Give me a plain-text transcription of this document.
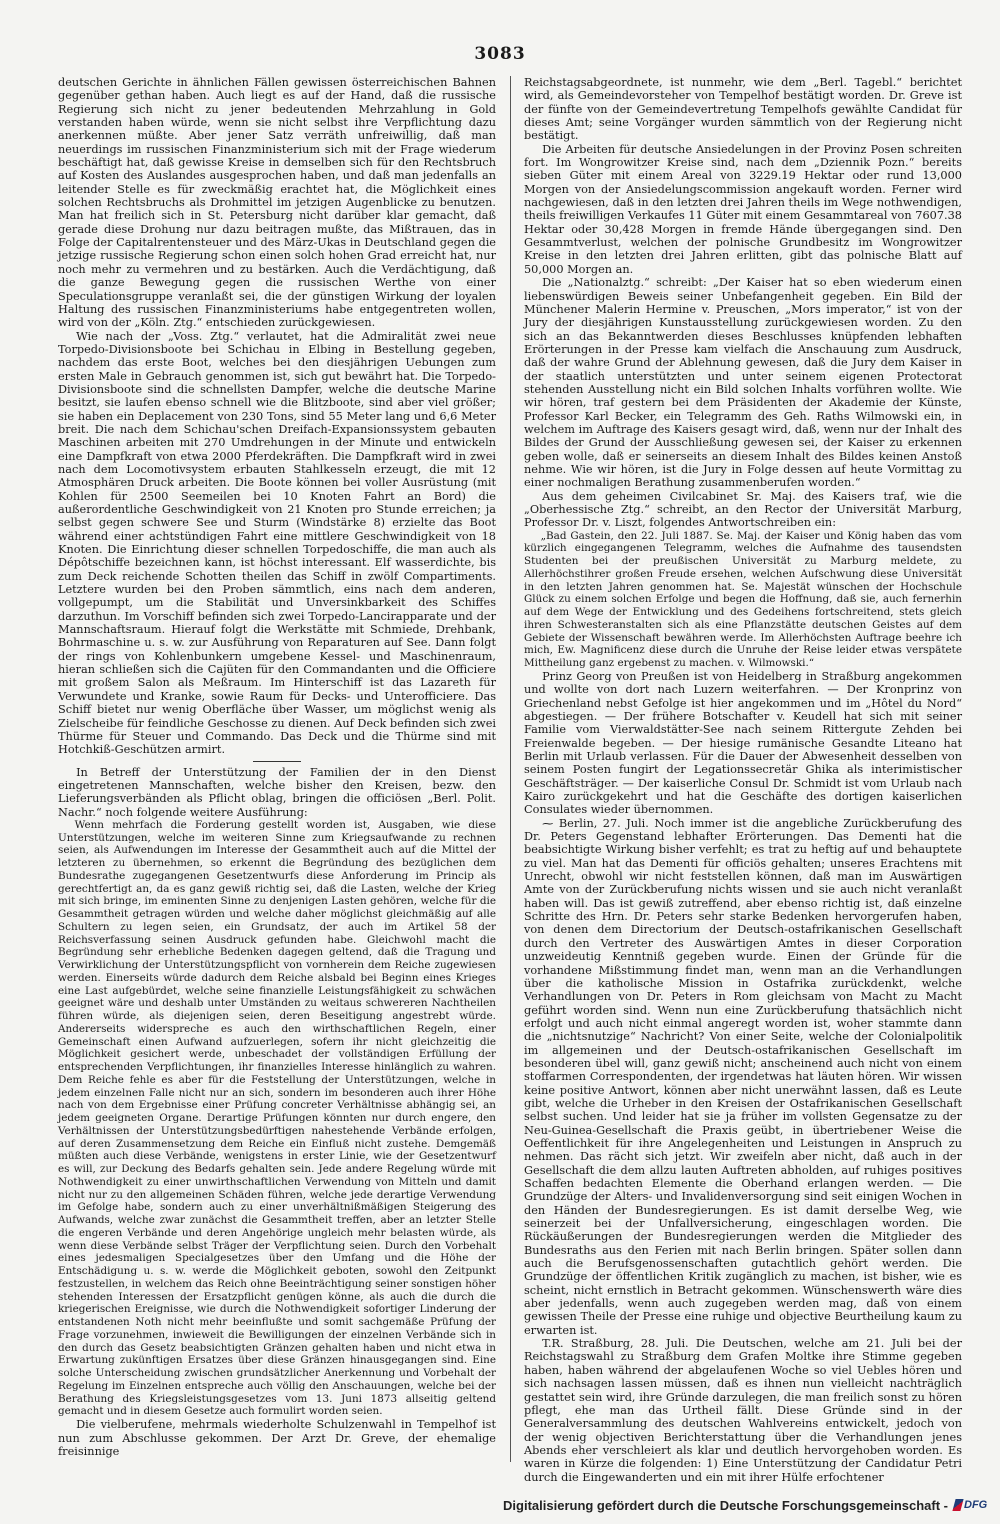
3083

deutschen Gerichte in ähnlichen Fällen gewissen österreichischen Bahnen gegenüber gethan haben. Auch liegt es auf der Hand, daß die russische Regierung sich nicht zu jener bedeutenden Mehrzahlung in Gold verstanden haben würde, wenn sie nicht selbst ihre Verpflichtung dazu anerkennen müßte. Aber jener Satz verräth unfreiwillig, daß man neuerdings im russischen Finanzministerium sich mit der Frage wiederum beschäftigt hat, daß gewisse Kreise in demselben sich für den Rechtsbruch auf Kosten des Auslandes ausgesprochen haben, und daß man jedenfalls an leitender Stelle es für zweckmäßig erachtet hat, die Möglichkeit eines solchen Rechtsbruchs als Drohmittel im jetzigen Augenblicke zu benutzen. Man hat freilich sich in St. Petersburg nicht darüber klar gemacht, daß gerade diese Drohung nur dazu beitragen mußte, das Mißtrauen, das in Folge der Capitalrentensteuer und des März-Ukas in Deutschland gegen die jetzige russische Regierung schon einen solch hohen Grad erreicht hat, nur noch mehr zu vermehren und zu bestärken. Auch die Verdächtigung, daß die ganze Bewegung gegen die russischen Werthe von einer Speculationsgruppe veranlaßt sei, die der günstigen Wirkung der loyalen Haltung des russischen Finanzministeriums habe entgegentreten wollen, wird von der „Köln. Ztg.“ entschieden zurückgewiesen.

Wie nach der „Voss. Ztg.“ verlautet, hat die Admiralität zwei neue Torpedo-Divisionsboote bei Schichau in Elbing in Bestellung gegeben, nachdem das erste Boot, welches bei den diesjährigen Uebungen zum ersten Male in Gebrauch genommen ist, sich gut bewährt hat. Die Torpedo-Divisionsboote sind die schnellsten Dampfer, welche die deutsche Marine besitzt, sie laufen ebenso schnell wie die Blitzboote, sind aber viel größer; sie haben ein Deplacement von 230 Tons, sind 55 Meter lang und 6,6 Meter breit. Die nach dem Schichau'schen Dreifach-Expansionssystem gebauten Maschinen arbeiten mit 270 Umdrehungen in der Minute und entwickeln eine Dampfkraft von etwa 2000 Pferdekräften. Die Dampfkraft wird in zwei nach dem Locomotivsystem erbauten Stahlkesseln erzeugt, die mit 12 Atmosphären Druck arbeiten. Die Boote können bei voller Ausrüstung (mit Kohlen für 2500 Seemeilen bei 10 Knoten Fahrt an Bord) die außerordentliche Geschwindigkeit von 21 Knoten pro Stunde erreichen; ja selbst gegen schwere See und Sturm (Windstärke 8) erzielte das Boot während einer achtstündigen Fahrt eine mittlere Geschwindigkeit von 18 Knoten. Die Einrichtung dieser schnellen Torpedoschiffe, die man auch als Dépôtschiffe bezeichnen kann, ist höchst interessant. Elf wasserdichte, bis zum Deck reichende Schotten theilen das Schiff in zwölf Compartiments. Letztere wurden bei den Proben sämmtlich, eins nach dem anderen, vollgepumpt, um die Stabilität und Unversinkbarkeit des Schiffes darzuthun. Im Vorschiff befinden sich zwei Torpedo-Lancirapparate und der Mannschaftsraum. Hierauf folgt die Werkstätte mit Schmiede, Drehbank, Bohrmaschine u. s. w. zur Ausführung von Reparaturen auf See. Dann folgt der rings von Kohlenbunkern umgebene Kessel- und Maschinenraum, hieran schließen sich die Cajüten für den Commandanten und die Officiere mit großem Salon als Meßraum. Im Hinterschiff ist das Lazareth für Verwundete und Kranke, sowie Raum für Decks- und Unterofficiere. Das Schiff bietet nur wenig Oberfläche über Wasser, um möglichst wenig als Zielscheibe für feindliche Geschosse zu dienen. Auf Deck befinden sich zwei Thürme für Steuer und Commando. Das Deck und die Thürme sind mit Hotchkiß-Geschützen armirt.

In Betreff der Unterstützung der Familien der in den Dienst eingetretenen Mannschaften, welche bisher den Kreisen, bezw. den Lieferungsverbänden als Pflicht oblag, bringen die officiösen „Berl. Polit. Nachr.“ noch folgende weitere Ausführung:

Wenn mehrfach die Forderung gestellt worden ist, Ausgaben, wie diese Unterstützungen, welche im weiteren Sinne zum Kriegsaufwande zu rechnen seien, als Aufwendungen im Interesse der Gesammtheit auch auf die Mittel der letzteren zu übernehmen, so erkennt die Begründung des bezüglichen dem Bundesrathe zugegangenen Gesetzentwurfs diese Anforderung im Princip als gerechtfertigt an, da es ganz gewiß richtig sei, daß die Lasten, welche der Krieg mit sich bringe, im eminenten Sinne zu denjenigen Lasten gehören, welche für die Gesammtheit getragen würden und welche daher möglichst gleichmäßig auf alle Schultern zu legen seien, ein Grundsatz, der auch im Artikel 58 der Reichsverfassung seinen Ausdruck gefunden habe. Gleichwohl macht die Begründung sehr erhebliche Bedenken dagegen geltend, daß die Tragung und Verwirklichung der Unterstützungspflicht von vornherein dem Reiche zugewiesen werden. Einerseits würde dadurch dem Reiche alsbald bei Beginn eines Krieges eine Last aufgebürdet, welche seine finanzielle Leistungsfähigkeit zu schwächen geeignet wäre und deshalb unter Umständen zu weitaus schwereren Nachtheilen führen würde, als diejenigen seien, deren Beseitigung angestrebt würde. Andererseits widerspreche es auch den wirthschaftlichen Regeln, einer Gemeinschaft einen Aufwand aufzuerlegen, sofern ihr nicht gleichzeitig die Möglichkeit gesichert werde, unbeschadet der vollständigen Erfüllung der entsprechenden Verpflichtungen, ihr finanzielles Interesse hinlänglich zu wahren. Dem Reiche fehle es aber für die Feststellung der Unterstützungen, welche in jedem einzelnen Falle nicht nur an sich, sondern im besonderen auch ihrer Höhe nach von dem Ergebnisse einer Prüfung concreter Verhältnisse abhängig sei, an jedem geeigneten Organe. Derartige Prüfungen könnten nur durch engere, den Verhältnissen der Unterstützungsbedürftigen nahestehende Verbände erfolgen, auf deren Zusammensetzung dem Reiche ein Einfluß nicht zustehe. Demgemäß müßten auch diese Verbände, wenigstens in erster Linie, wie der Gesetzentwurf es will, zur Deckung des Bedarfs gehalten sein. Jede andere Regelung würde mit Nothwendigkeit zu einer unwirthschaftlichen Verwendung von Mitteln und damit nicht nur zu den allgemeinen Schäden führen, welche jede derartige Verwendung im Gefolge habe, sondern auch zu einer unverhältnißmäßigen Steigerung des Aufwands, welche zwar zunächst die Gesammtheit treffen, aber an letzter Stelle die engeren Verbände und deren Angehörige ungleich mehr belasten würde, als wenn diese Verbände selbst Träger der Verpflichtung seien. Durch den Vorbehalt eines jedesmaligen Specialgesetzes über den Umfang und die Höhe der Entschädigung u. s. w. werde die Möglichkeit geboten, sowohl den Zeitpunkt festzustellen, in welchem das Reich ohne Beeinträchtigung seiner sonstigen höher stehenden Interessen der Ersatzpflicht genügen könne, als auch die durch die kriegerischen Ereignisse, wie durch die Nothwendigkeit sofortiger Linderung der entstandenen Noth nicht mehr beeinflußte und somit sachgemäße Prüfung der Frage vorzunehmen, inwieweit die Bewilligungen der einzelnen Verbände sich in den durch das Gesetz beabsichtigten Gränzen gehalten haben und nicht etwa in Erwartung zukünftigen Ersatzes über diese Gränzen hinausgegangen sind. Eine solche Unterscheidung zwischen grundsätzlicher Anerkennung und Vorbehalt der Regelung im Einzelnen entspreche auch völlig den Anschauungen, welche bei der Berathung des Kriegsleistungsgesetzes vom 13. Juni 1873 allseitig geltend gemacht und in diesem Gesetze auch formulirt worden seien.

Die vielberufene, mehrmals wiederholte Schulzenwahl in Tempelhof ist nun zum Abschlusse gekommen. Der Arzt Dr. Greve, der ehemalige freisinnige

Reichstagsabgeordnete, ist nunmehr, wie dem „Berl. Tagebl.“ berichtet wird, als Gemeindevorsteher von Tempelhof bestätigt worden. Dr. Greve ist der fünfte von der Gemeindevertretung Tempelhofs gewählte Candidat für dieses Amt; seine Vorgänger wurden sämmtlich von der Regierung nicht bestätigt.

Die Arbeiten für deutsche Ansiedelungen in der Provinz Posen schreiten fort. Im Wongrowitzer Kreise sind, nach dem „Dziennik Pozn.“ bereits sieben Güter mit einem Areal von 3229.19 Hektar oder rund 13,000 Morgen von der Ansiedelungscommission angekauft worden. Ferner wird nachgewiesen, daß in den letzten drei Jahren theils im Wege nothwendigen, theils freiwilligen Verkaufes 11 Güter mit einem Gesammtareal von 7607.38 Hektar oder 30,428 Morgen in fremde Hände übergegangen sind. Den Gesammtverlust, welchen der polnische Grundbesitz im Wongrowitzer Kreise in den letzten drei Jahren erlitten, gibt das polnische Blatt auf 50,000 Morgen an.

Die „Nationalztg.“ schreibt: „Der Kaiser hat so eben wiederum einen liebenswürdigen Beweis seiner Unbefangenheit gegeben. Ein Bild der Münchener Malerin Hermine v. Preuschen, „Mors imperator,“ ist von der Jury der diesjährigen Kunstausstellung zurückgewiesen worden. Zu den sich an das Bekanntwerden dieses Beschlusses knüpfenden lebhaften Erörterungen in der Presse kam vielfach die Anschauung zum Ausdruck, daß der wahre Grund der Ablehnung gewesen, daß die Jury dem Kaiser in der staatlich unterstützten und unter seinem eigenen Protectorat stehenden Ausstellung nicht ein Bild solchen Inhalts vorführen wollte. Wie wir hören, traf gestern bei dem Präsidenten der Akademie der Künste, Professor Karl Becker, ein Telegramm des Geh. Raths Wilmowski ein, in welchem im Auftrage des Kaisers gesagt wird, daß, wenn nur der Inhalt des Bildes der Grund der Ausschließung gewesen sei, der Kaiser zu erkennen geben wolle, daß er seinerseits an diesem Inhalt des Bildes keinen Anstoß nehme. Wie wir hören, ist die Jury in Folge dessen auf heute Vormittag zu einer nochmaligen Berathung zusammenberufen worden.“

Aus dem geheimen Civilcabinet Sr. Maj. des Kaisers traf, wie die „Oberhessische Ztg.“ schreibt, an den Rector der Universität Marburg, Professor Dr. v. Liszt, folgendes Antwortschreiben ein:

„Bad Gastein, den 22. Juli 1887. Se. Maj. der Kaiser und König haben das vom kürzlich eingegangenen Telegramm, welches die Aufnahme des tausendsten Studenten bei der preußischen Universität zu Marburg meldete, zu Allerhöchstihrer großen Freude ersehen, welchen Aufschwung diese Universität in den letzten Jahren genommen hat. Se. Majestät wünschen der Hochschule Glück zu einem solchen Erfolge und begen die Hoffnung, daß sie, auch fernerhin auf dem Wege der Entwicklung und des Gedeihens fortschreitend, stets gleich ihren Schwesteranstalten sich als eine Pflanzstätte deutschen Geistes auf dem Gebiete der Wissenschaft bewähren werde. Im Allerhöchsten Auftrage beehre ich mich, Ew. Magnificenz diese durch die Unruhe der Reise leider etwas verspätete Mittheilung ganz ergebenst zu machen. v. Wilmowski.“

Prinz Georg von Preußen ist von Heidelberg in Straßburg angekommen und wollte von dort nach Luzern weiterfahren. — Der Kronprinz von Griechenland nebst Gefolge ist hier angekommen und im „Hôtel du Nord“ abgestiegen. — Der frühere Botschafter v. Keudell hat sich mit seiner Familie vom Vierwaldstätter-See nach seinem Rittergute Zehden bei Freienwalde begeben. — Der hiesige rumänische Gesandte Liteano hat Berlin mit Urlaub verlassen. Für die Dauer der Abwesenheit desselben von seinem Posten fungirt der Legationssecretär Ghika als interimistischer Geschäftsträger. — Der kaiserliche Consul Dr. Schmidt ist vom Urlaub nach Kairo zurückgekehrt und hat die Geschäfte des dortigen kaiserlichen Consulates wieder übernommen.

⁓ Berlin, 27. Juli. Noch immer ist die angebliche Zurückberufung des Dr. Peters Gegenstand lebhafter Erörterungen. Das Dementi hat die beabsichtigte Wirkung bisher verfehlt; es trat zu heftig auf und behauptete zu viel. Man hat das Dementi für officiös gehalten; unseres Erachtens mit Unrecht, obwohl wir nicht feststellen können, daß man im Auswärtigen Amte von der Zurückberufung nichts wissen und sie auch nicht veranlaßt haben will. Das ist gewiß zutreffend, aber ebenso richtig ist, daß einzelne Schritte des Hrn. Dr. Peters sehr starke Bedenken hervorgerufen haben, von denen dem Directorium der Deutsch-ostafrikanischen Gesellschaft durch den Vertreter des Auswärtigen Amtes in dieser Corporation unzweideutig Kenntniß gegeben wurde. Einen der Gründe für die vorhandene Mißstimmung findet man, wenn man an die Verhandlungen über die katholische Mission in Ostafrika zurückdenkt, welche Verhandlungen von Dr. Peters in Rom gleichsam von Macht zu Macht geführt worden sind. Wenn nun eine Zurückberufung thatsächlich nicht erfolgt und auch nicht einmal angeregt worden ist, woher stammte dann die „nichtsnutzige“ Nachricht? Von einer Seite, welche der Colonialpolitik im allgemeinen und der Deutsch-ostafrikanischen Gesellschaft im besonderen übel will, ganz gewiß nicht; anscheinend auch nicht von einem stoffarmen Correspondenten, der irgendetwas hat läuten hören. Wir wissen keine positive Antwort, können aber nicht unerwähnt lassen, daß es Leute gibt, welche die Urheber in den Kreisen der Ostafrikanischen Gesellschaft selbst suchen. Und leider hat sie ja früher im vollsten Gegensatze zu der Neu-Guinea-Gesellschaft die Praxis geübt, in übertriebener Weise die Oeffentlichkeit für ihre Angelegenheiten und Leistungen in Anspruch zu nehmen. Das rächt sich jetzt. Wir zweifeln aber nicht, daß auch in der Gesellschaft die dem allzu lauten Auftreten abholden, auf ruhiges positives Schaffen bedachten Elemente die Oberhand erlangen werden. — Die Grundzüge der Alters- und Invalidenversorgung sind seit einigen Wochen in den Händen der Bundesregierungen. Es ist damit derselbe Weg, wie seinerzeit bei der Unfallversicherung, eingeschlagen worden. Die Rückäußerungen der Bundesregierungen werden die Mitglieder des Bundesraths aus den Ferien mit nach Berlin bringen. Später sollen dann auch die Berufsgenossenschaften gutachtlich gehört werden. Die Grundzüge der öffentlichen Kritik zugänglich zu machen, ist bisher, wie es scheint, nicht ernstlich in Betracht gekommen. Wünschenswerth wäre dies aber jedenfalls, wenn auch zugegeben werden mag, daß von einem gewissen Theile der Presse eine ruhige und objective Beurtheilung kaum zu erwarten ist.

T.R. Straßburg, 28. Juli. Die Deutschen, welche am 21. Juli bei der Reichstagswahl zu Straßburg dem Grafen Moltke ihre Stimme gegeben haben, haben während der abgelaufenen Woche so viel Uebles hören und sich nachsagen lassen müssen, daß es ihnen nun vielleicht nachträglich gestattet sein wird, ihre Gründe darzulegen, die man freilich sonst zu hören pflegt, ehe man das Urtheil fällt. Diese Gründe sind in der Generalversammlung des deutschen Wahlvereins entwickelt, jedoch von der wenig objectiven Berichterstattung über die Verhandlungen jenes Abends eher verschleiert als klar und deutlich hervorgehoben worden. Es waren in Kürze die folgenden: 1) Eine Unterstützung der Candidatur Petri durch die Eingewanderten und ein mit ihrer Hülfe erfochtener

Digitalisierung gefördert durch die Deutsche Forschungsgemeinschaft - DFG
